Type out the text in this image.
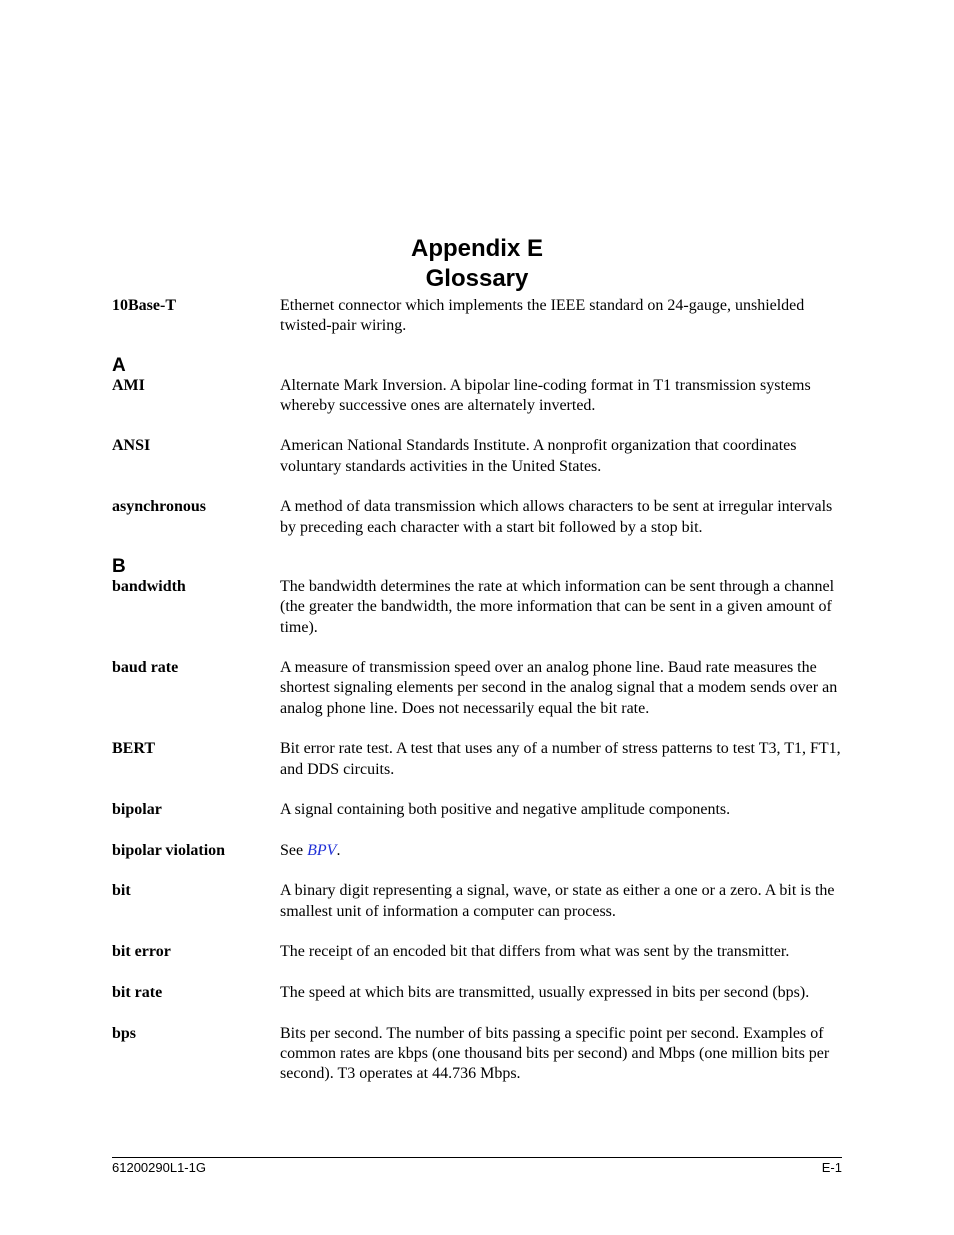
Appendix E
Glossary
10Base-T	Ethernet connector which implements the IEEE standard on 24-gauge, unshielded twisted-pair wiring.
A
AMI	Alternate Mark Inversion. A bipolar line-coding format in T1 transmission systems whereby successive ones are alternately inverted.
ANSI	American National Standards Institute. A nonprofit organization that coordinates voluntary standards activities in the United States.
asynchronous	A method of data transmission which allows characters to be sent at irregular intervals by preceding each character with a start bit followed by a stop bit.
B
bandwidth	The bandwidth determines the rate at which information can be sent through a channel (the greater the bandwidth, the more information that can be sent in a given amount of time).
baud rate	A measure of transmission speed over an analog phone line. Baud rate measures the shortest signaling elements per second in the analog signal that a modem sends over an analog phone line. Does not necessarily equal the bit rate.
BERT	Bit error rate test. A test that uses any of a number of stress patterns to test T3, T1, FT1, and DDS circuits.
bipolar	A signal containing both positive and negative amplitude components.
bipolar violation	See BPV.
bit	A binary digit representing a signal, wave, or state as either a one or a zero. A bit is the smallest unit of information a computer can process.
bit error	The receipt of an encoded bit that differs from what was sent by the transmitter.
bit rate	The speed at which bits are transmitted, usually expressed in bits per second (bps).
bps	Bits per second. The number of bits passing a specific point per second. Examples of common rates are kbps (one thousand bits per second) and Mbps (one million bits per second). T3 operates at 44.736 Mbps.
61200290L1-1G	E-1
